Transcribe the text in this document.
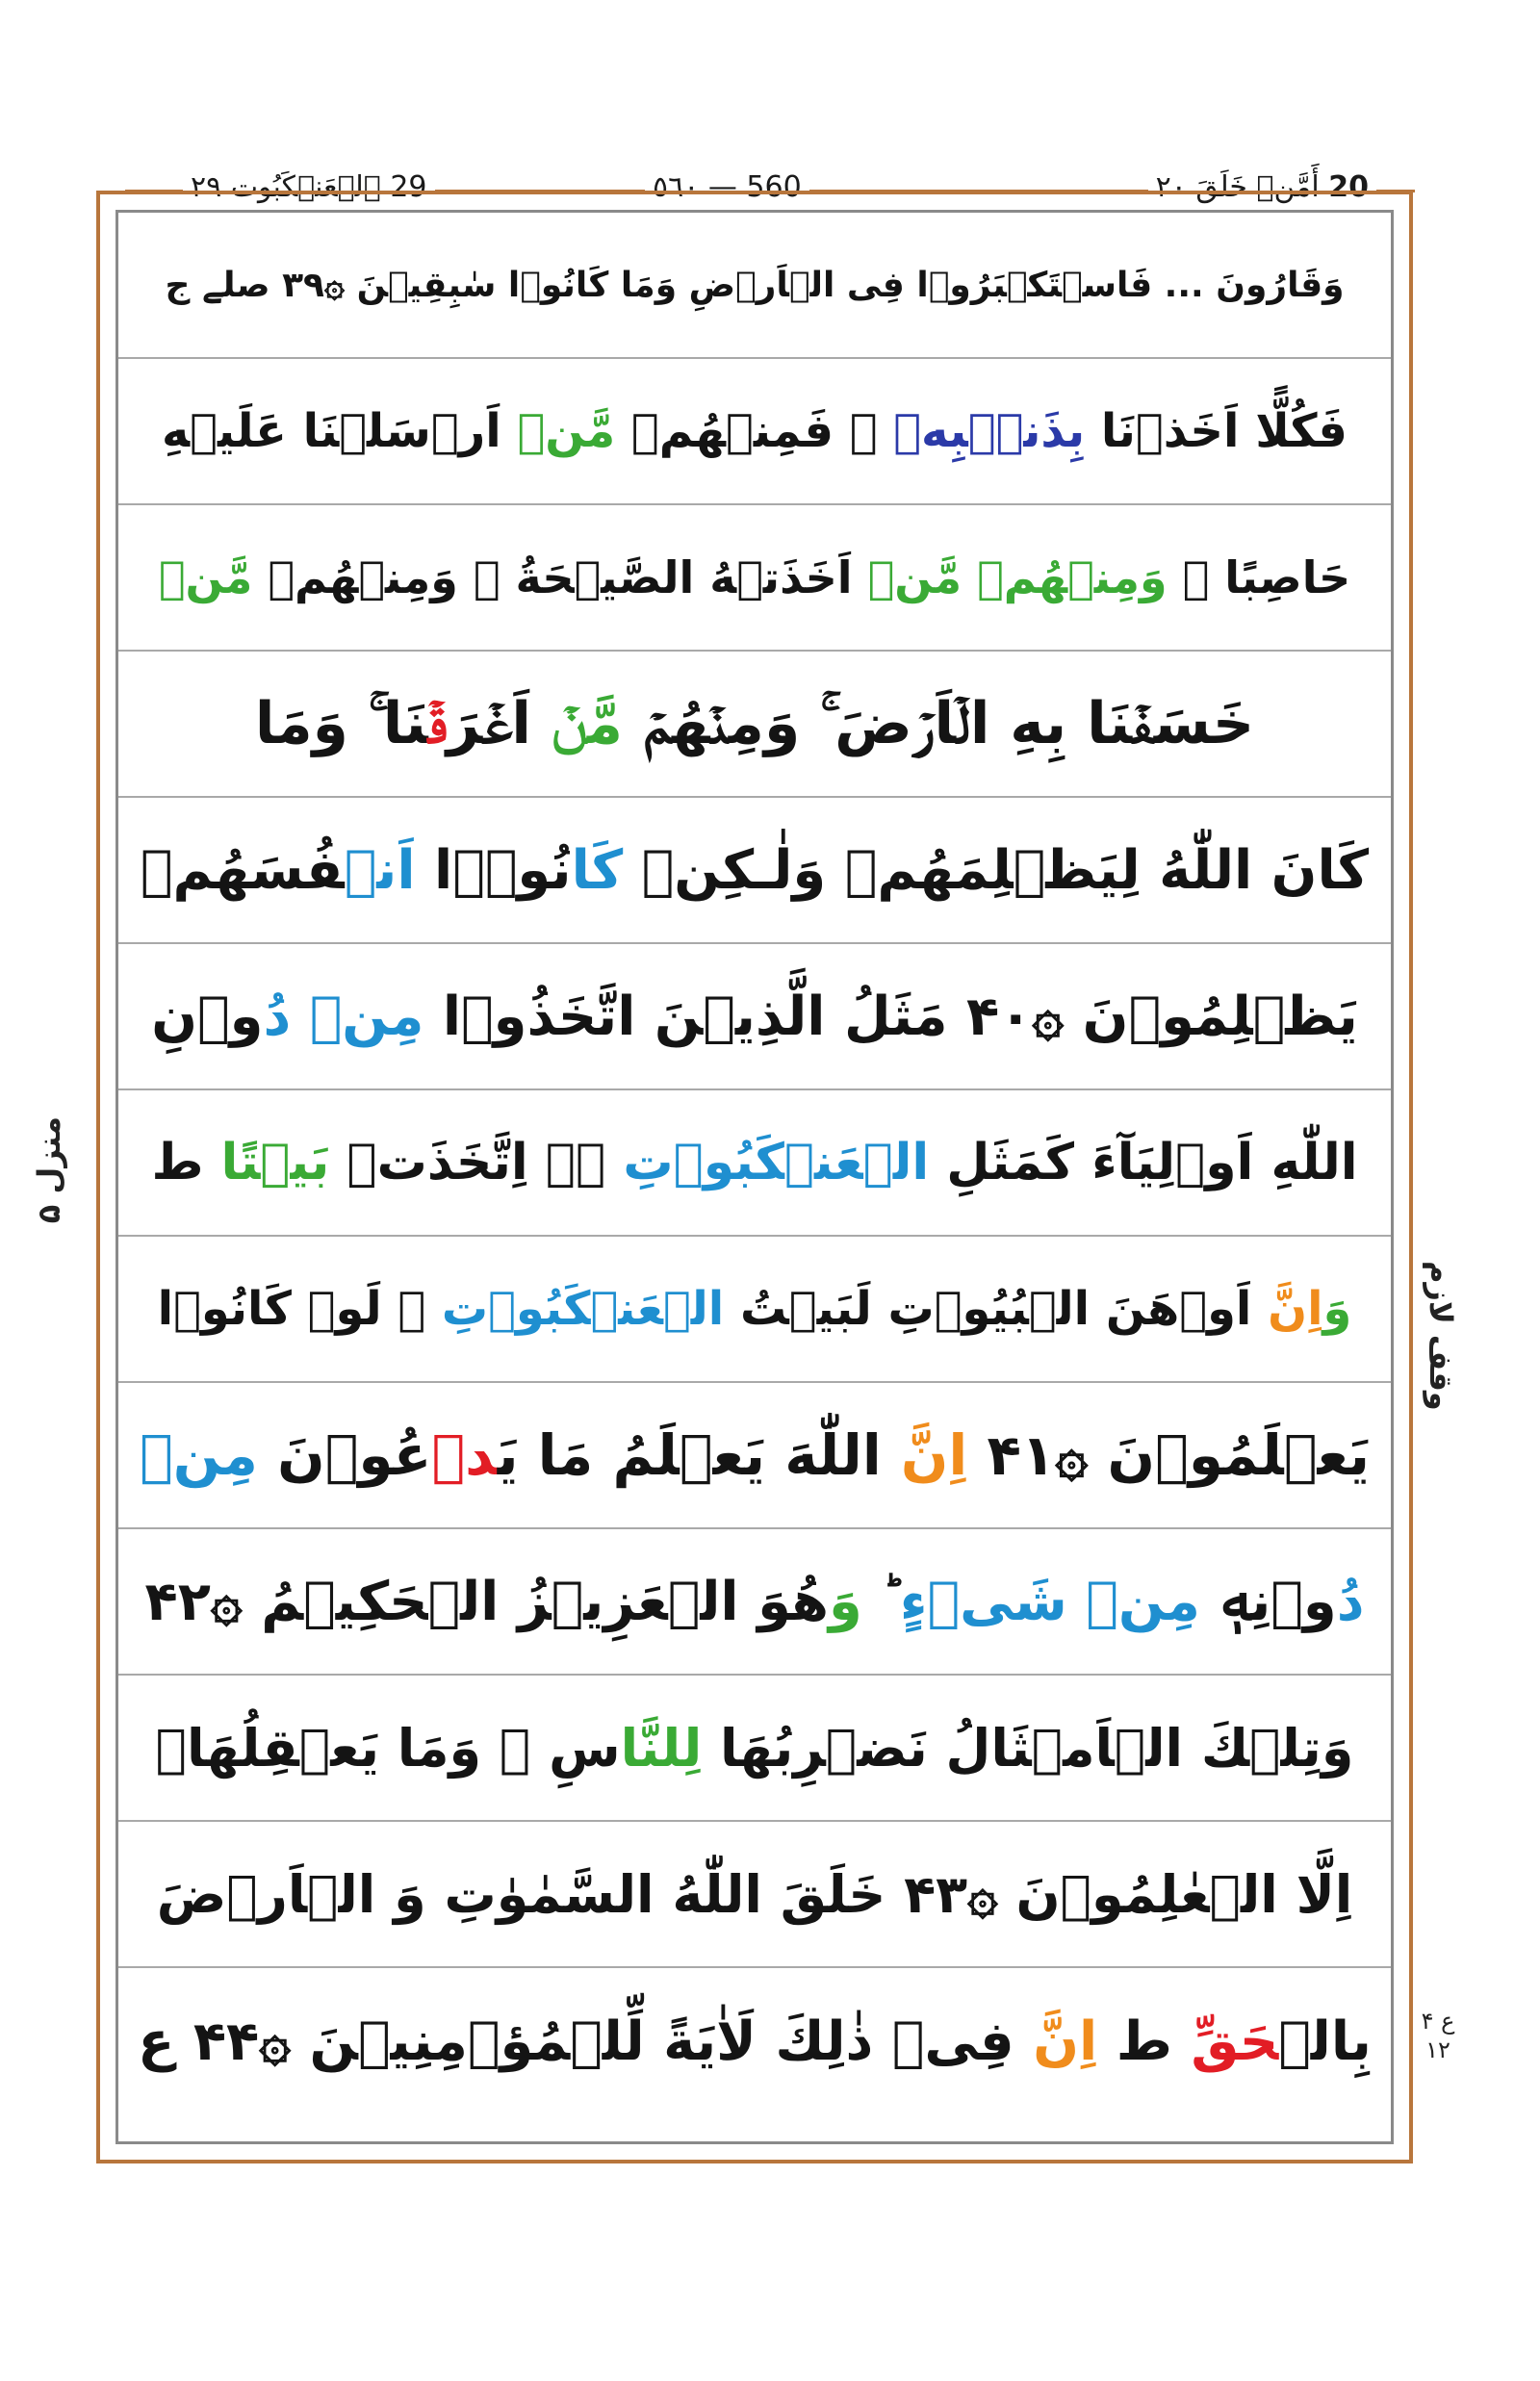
29 ٱلۡعَنۡكَبُوت ۲۹	٥٦٠ — 560	20 أَمَّنۡ خَلَقَ ۲۰
وَقَارُونَ ... فَاسۡتَكۡبَرُوۡا فِى الۡاَرۡضِ وَمَا كَانُوۡا سٰبِقِيۡنَ ۞۳۹ صلے ج
فَكُلًّا اَخَذۡنَا بِذَنۡۢبِهٖ ۚ فَمِنۡهُمۡ مَّنۡ اَرۡسَلۡنَا عَلَيۡهِ
حَاصِبًا ۚ وَمِنۡهُمۡ مَّنۡ اَخَذَتۡهُ الصَّيۡحَةُ ۚ وَمِنۡهُمۡ مَّنۡ
خَسَفۡنَا بِهِ الۡاَرۡضَ ۚ وَمِنۡهُمۡ مَّنۡ اَغۡرَقۡنَا ۚ وَمَا
كَانَ اللّٰهُ لِيَظۡلِمَهُمۡ وَلٰـكِنۡ كَانُوۡۤا اَنۡفُسَهُمۡ
يَظۡلِمُوۡنَ ۞۴۰ مَثَلُ الَّذِيۡنَ اتَّخَذُوۡا مِنۡ دُوۡنِ
اللّٰهِ اَوۡلِيَآءَ كَمَثَلِ الۡعَنۡكَبُوۡتِ ۖۚ اِتَّخَذَتۡ بَيۡتًا ط
وَاِنَّ اَوۡهَنَ الۡبُيُوۡتِ لَبَيۡتُ الۡعَنۡكَبُوۡتِ ۘ لَوۡ كَانُوۡا
يَعۡلَمُوۡنَ ۞۴۱ اِنَّ اللّٰهَ يَعۡلَمُ مَا يَدۡعُوۡنَ مِنۡ
دُوۡنِهٖ مِنۡ شَىۡءٍ ؕ وَهُوَ الۡعَزِيۡزُ الۡحَكِيۡمُ ۞۴۲
وَتِلۡكَ الۡاَمۡثَالُ نَضۡرِبُهَا لِلنَّاسِ ۚ وَمَا يَعۡقِلُهَاۤ
اِلَّا الۡعٰلِمُوۡنَ ۞۴۳ خَلَقَ اللّٰهُ السَّمٰوٰتِ وَ الۡاَرۡضَ
بِالۡحَقِّ ط اِنَّ فِىۡ ذٰلِكَ لَاٰيَةً لِّلۡمُؤۡمِنِيۡنَ ۞۴۴ ع
منزل ۵
وقف لازم
ع ۴ ۱۲
